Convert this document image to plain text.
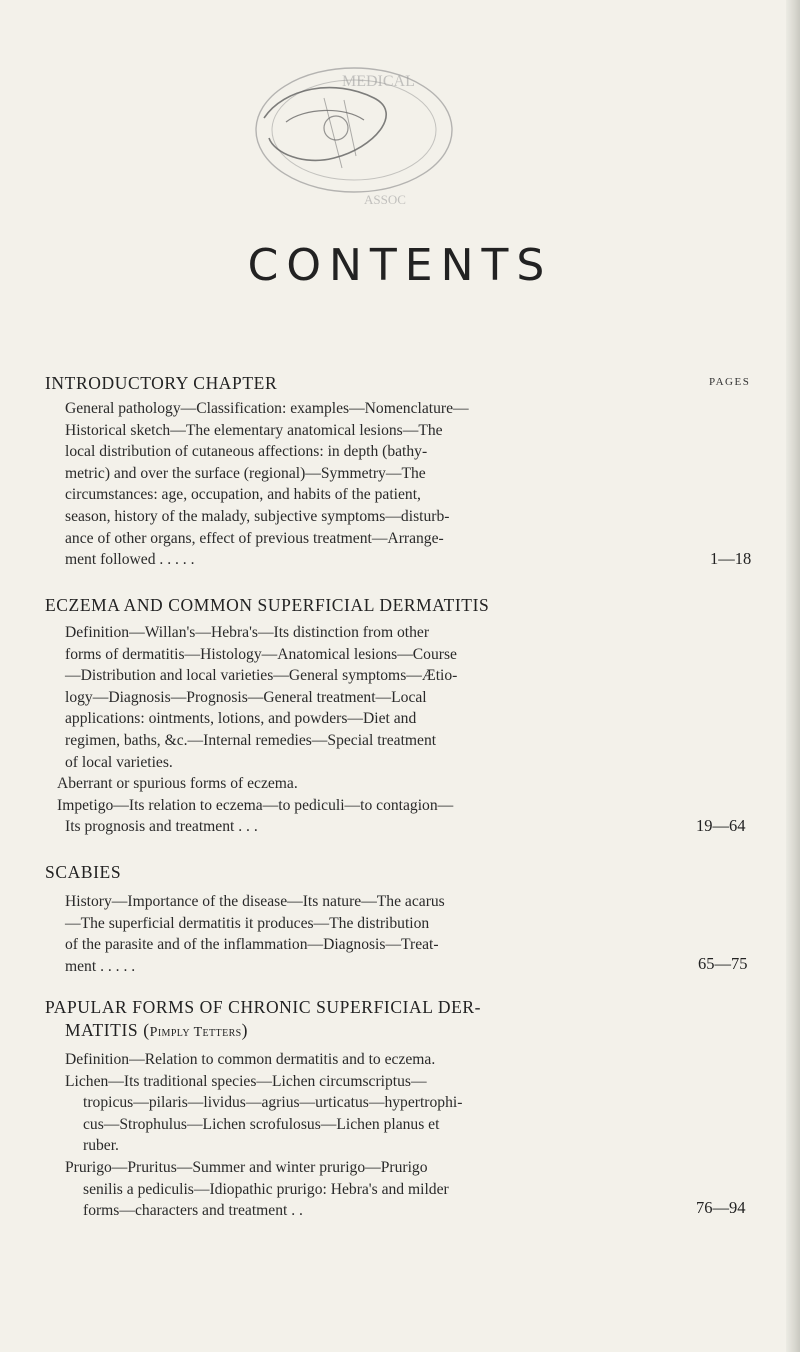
MEDICAL
ASSOC
CONTENTS
PAGES
INTRODUCTORY CHAPTER
General pathology—Classification: examples—Nomenclature—
Historical sketch—The elementary anatomical lesions—The
local distribution of cutaneous affections: in depth (bathy-
metric) and over the surface (regional)—Symmetry—The
circumstances: age, occupation, and habits of the patient,
season, history of the malady, subjective symptoms—disturb-
ance of other organs, effect of previous treatment—Arrange-
ment followed . . . . .	1—18
ECZEMA AND COMMON SUPERFICIAL DERMATITIS
Definition—Willan's—Hebra's—Its distinction from other
forms of dermatitis—Histology—Anatomical lesions—Course
—Distribution and local varieties—General symptoms—Ætio-
logy—Diagnosis—Prognosis—General treatment—Local
applications: ointments, lotions, and powders—Diet and
regimen, baths, &c.—Internal remedies—Special treatment
of local varieties.
Aberrant or spurious forms of eczema.
Impetigo—Its relation to eczema—to pediculi—to contagion—
Its prognosis and treatment . . .	19—64
SCABIES
History—Importance of the disease—Its nature—The acarus
—The superficial dermatitis it produces—The distribution
of the parasite and of the inflammation—Diagnosis—Treat-
ment . . . . .	65—75
PAPULAR FORMS OF CHRONIC SUPERFICIAL DER-
MATITIS (Pimply Tetters)
Definition—Relation to common dermatitis and to eczema.
Lichen—Its traditional species—Lichen circumscriptus—
tropicus—pilaris—lividus—agrius—urticatus—hypertrophi-
cus—Strophulus—Lichen scrofulosus—Lichen planus et
ruber.
Prurigo—Pruritus—Summer and winter prurigo—Prurigo
senilis a pediculis—Idiopathic prurigo: Hebra's and milder
forms—characters and treatment . .	76—94
